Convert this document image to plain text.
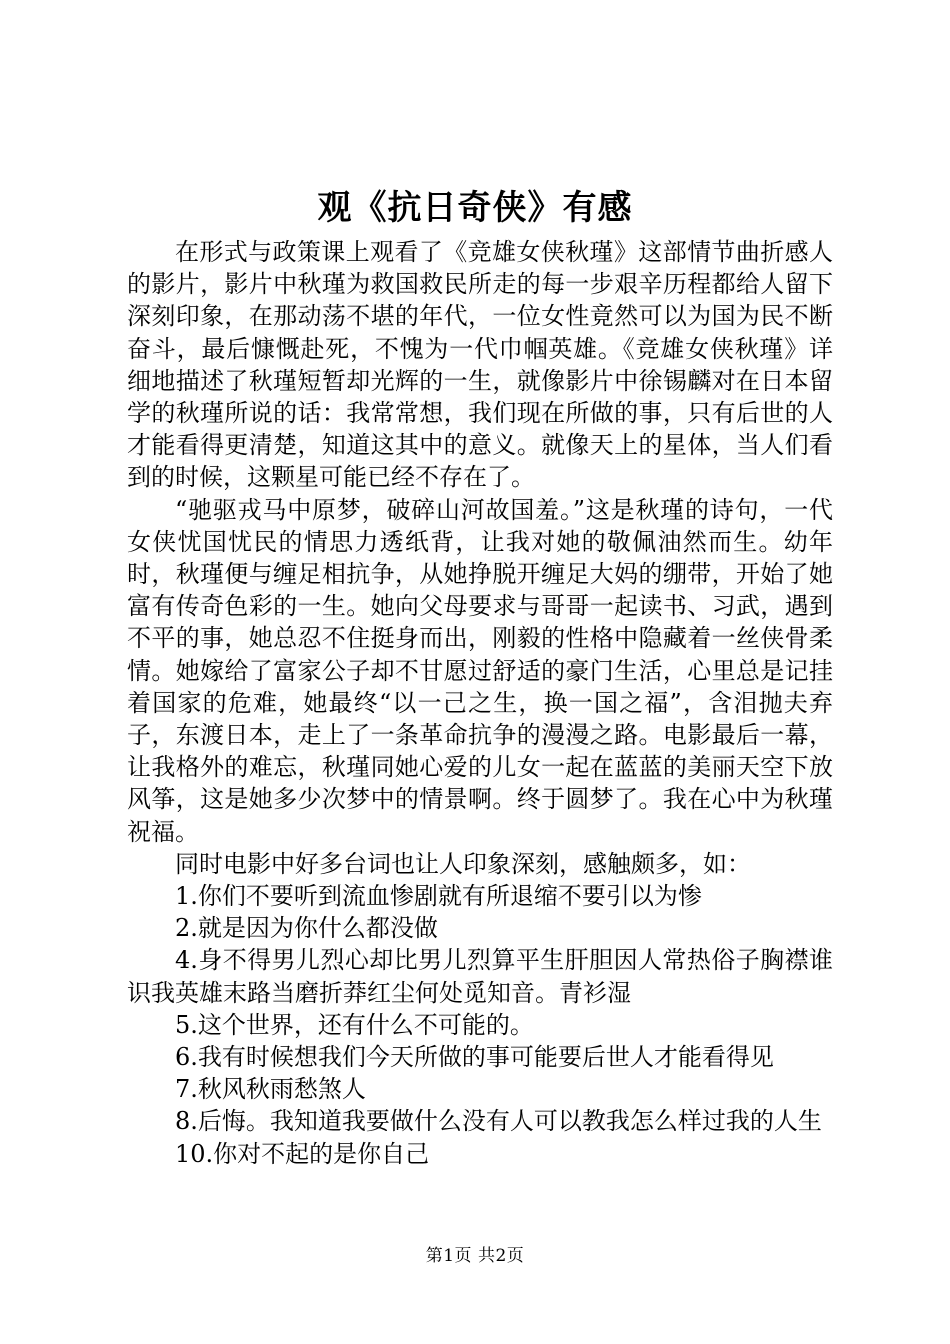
观《抗日奇侠》有感

在形式与政策课上观看了《竞雄女侠秋瑾》这部情节曲折感人的影片，影片中秋瑾为救国救民所走的每一步艰辛历程都给人留下深刻印象，在那动荡不堪的年代，一位女性竟然可以为国为民不断奋斗，最后慷慨赴死，不愧为一代巾帼英雄。《竞雄女侠秋瑾》详细地描述了秋瑾短暂却光辉的一生，就像影片中徐锡麟对在日本留学的秋瑾所说的话：我常常想，我们现在所做的事，只有后世的人才能看得更清楚，知道这其中的意义。就像天上的星体，当人们看到的时候，这颗星可能已经不存在了。

“驰驱戎马中原梦，破碎山河故国羞。”这是秋瑾的诗句，一代女侠忧国忧民的情思力透纸背，让我对她的敬佩油然而生。幼年时，秋瑾便与缠足相抗争，从她挣脱开缠足大妈的绷带，开始了她富有传奇色彩的一生。她向父母要求与哥哥一起读书、习武，遇到不平的事，她总忍不住挺身而出，刚毅的性格中隐藏着一丝侠骨柔情。她嫁给了富家公子却不甘愿过舒适的豪门生活，心里总是记挂着国家的危难，她最终“以一己之生，换一国之福”，含泪抛夫弃子，东渡日本，走上了一条革命抗争的漫漫之路。电影最后一幕，让我格外的难忘，秋瑾同她心爱的儿女一起在蓝蓝的美丽天空下放风筝，这是她多少次梦中的情景啊。终于圆梦了。我在心中为秋瑾祝福。

同时电影中好多台词也让人印象深刻，感触颇多，如：

1.你们不要听到流血惨剧就有所退缩不要引以为惨

2.就是因为你什么都没做

4.身不得男儿烈心却比男儿烈算平生肝胆因人常热俗子胸襟谁识我英雄末路当磨折莽红尘何处觅知音。青衫湿

5.这个世界，还有什么不可能的。

6.我有时候想我们今天所做的事可能要后世人才能看得见

7.秋风秋雨愁煞人

8.后悔。我知道我要做什么没有人可以教我怎么样过我的人生

10.你对不起的是你自己

第1页 共2页
